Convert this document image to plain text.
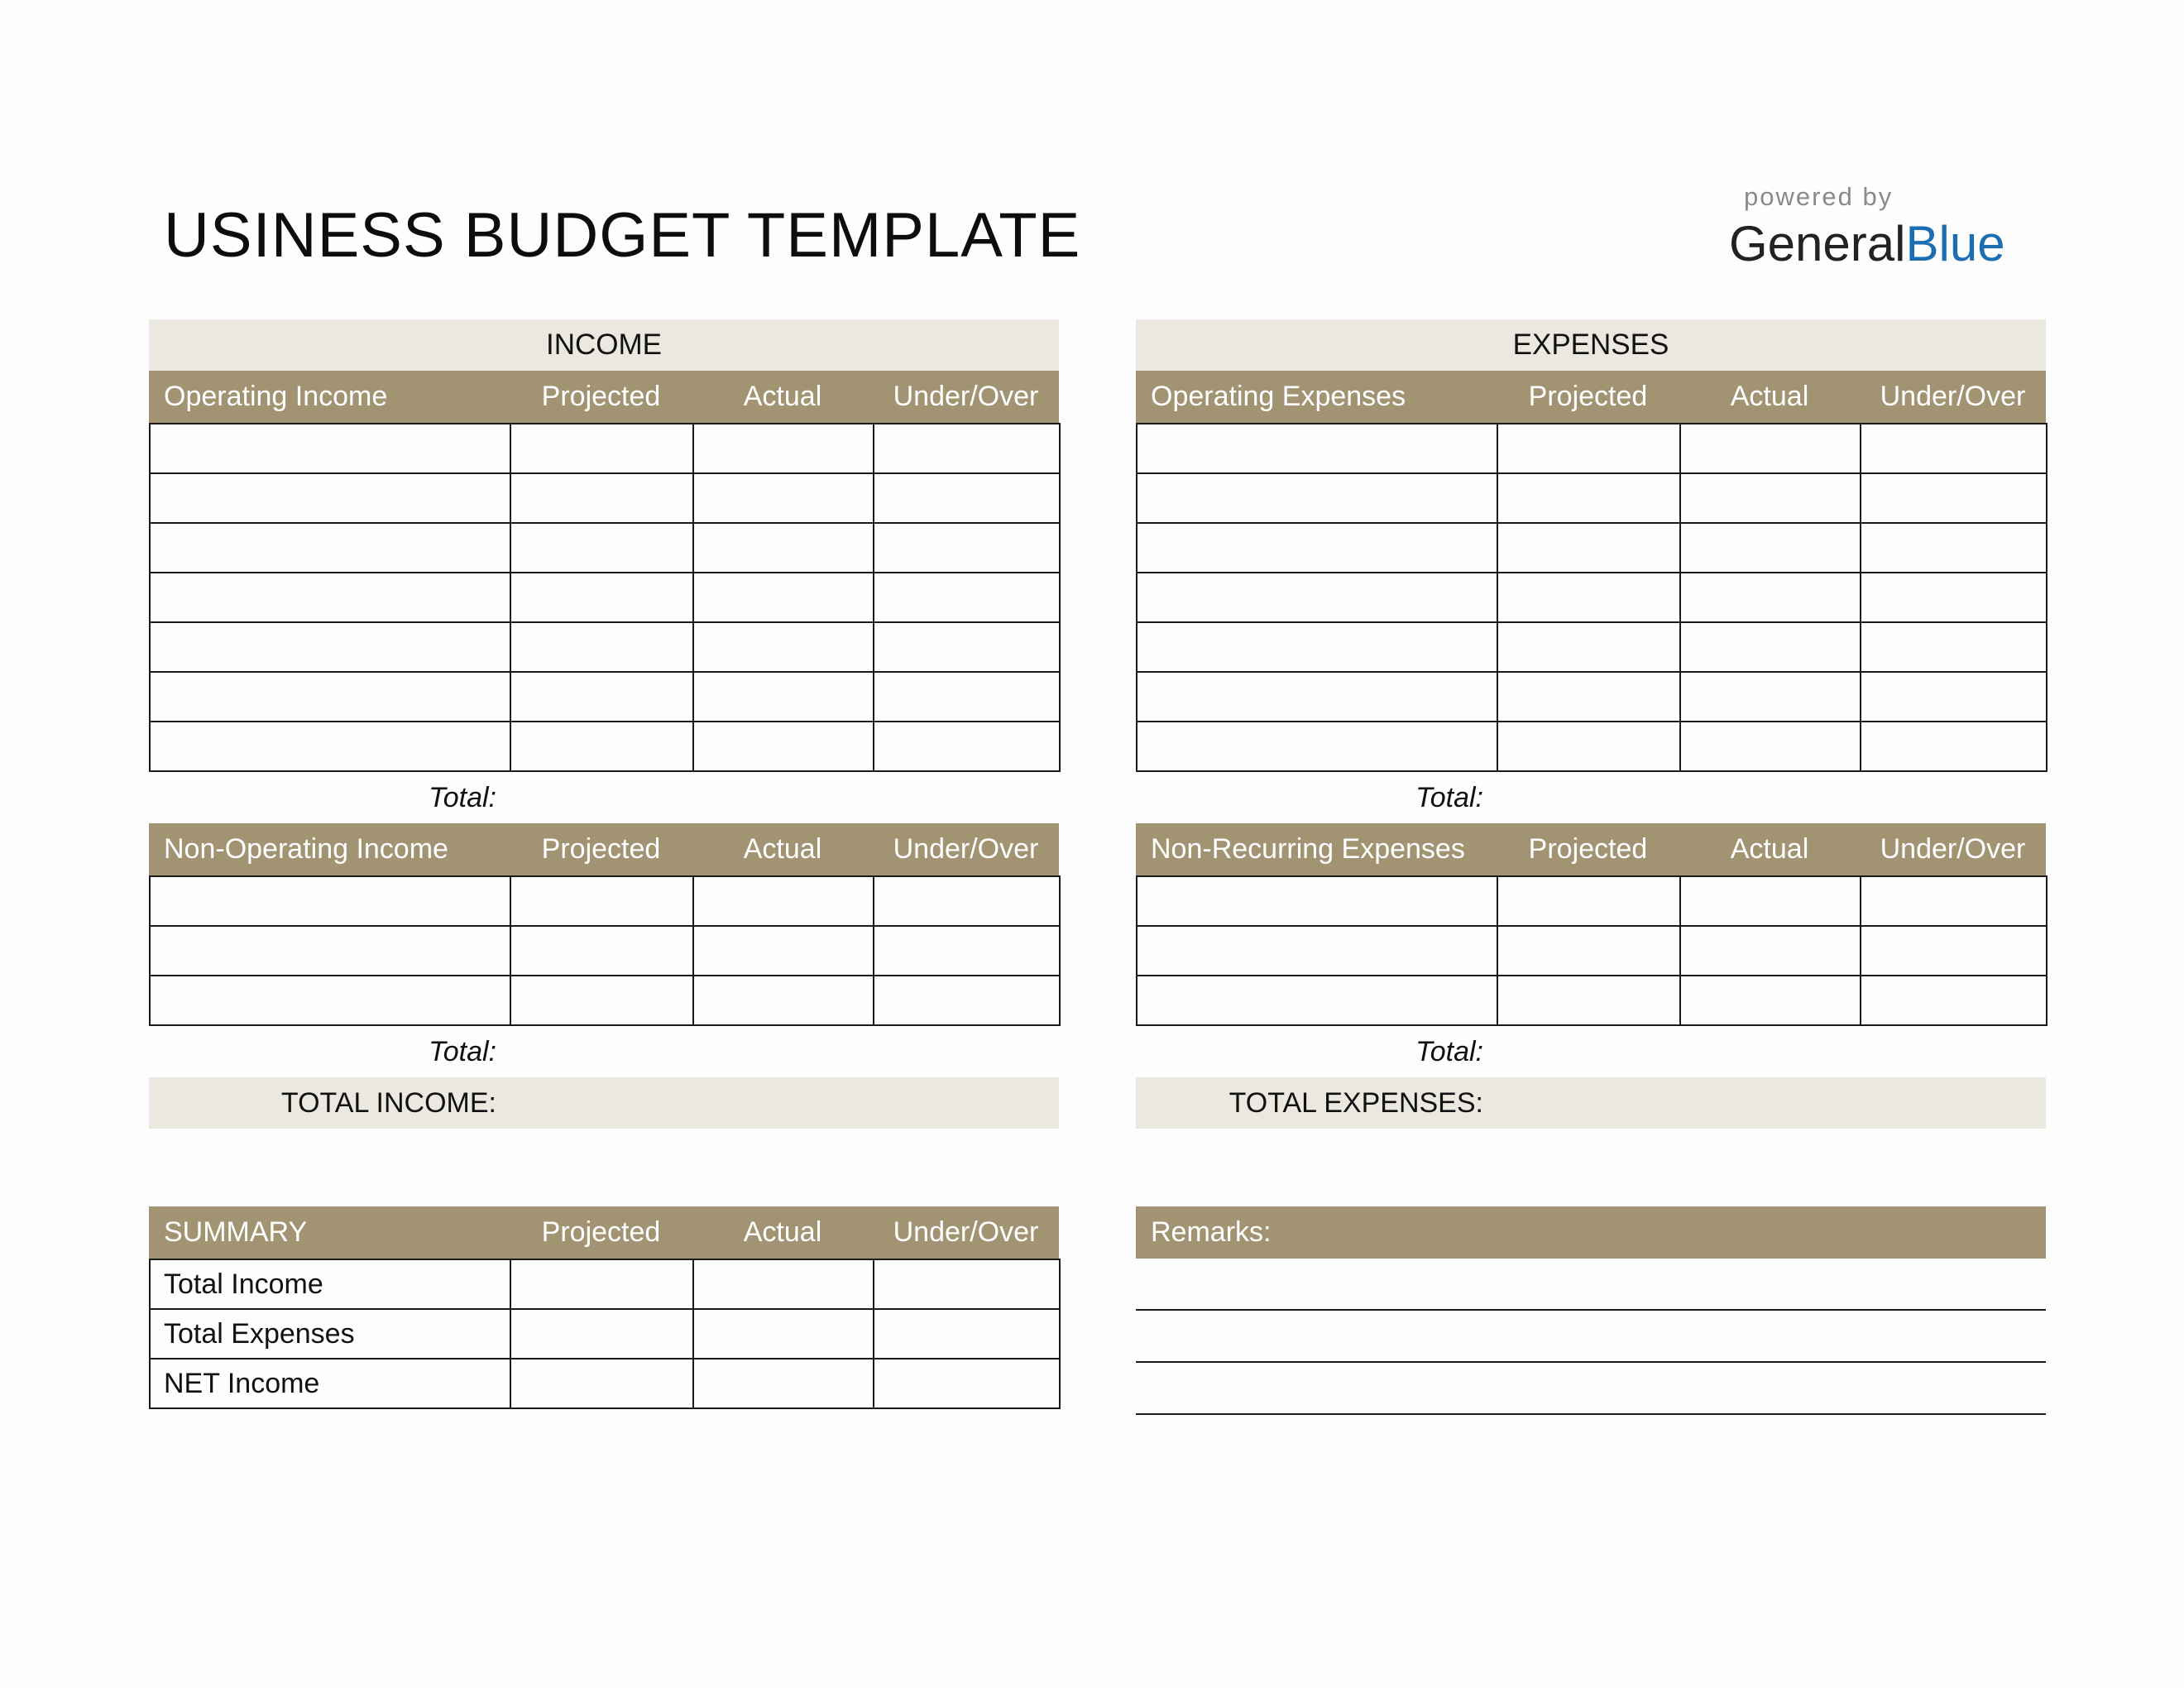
USINESS BUDGET TEMPLATE
powered by
GeneralBlue
INCOME
Operating Income	Projected	Actual	Under/Over

Total:
Non-Operating Income	Projected	Actual	Under/Over

Total:
TOTAL INCOME:
EXPENSES
Operating Expenses	Projected	Actual	Under/Over

Total:
Non-Recurring Expenses	Projected	Actual	Under/Over

Total:
TOTAL EXPENSES:
SUMMARY	Projected	Actual	Under/Over
Total Income			
Total Expenses			
NET Income			
Remarks:
